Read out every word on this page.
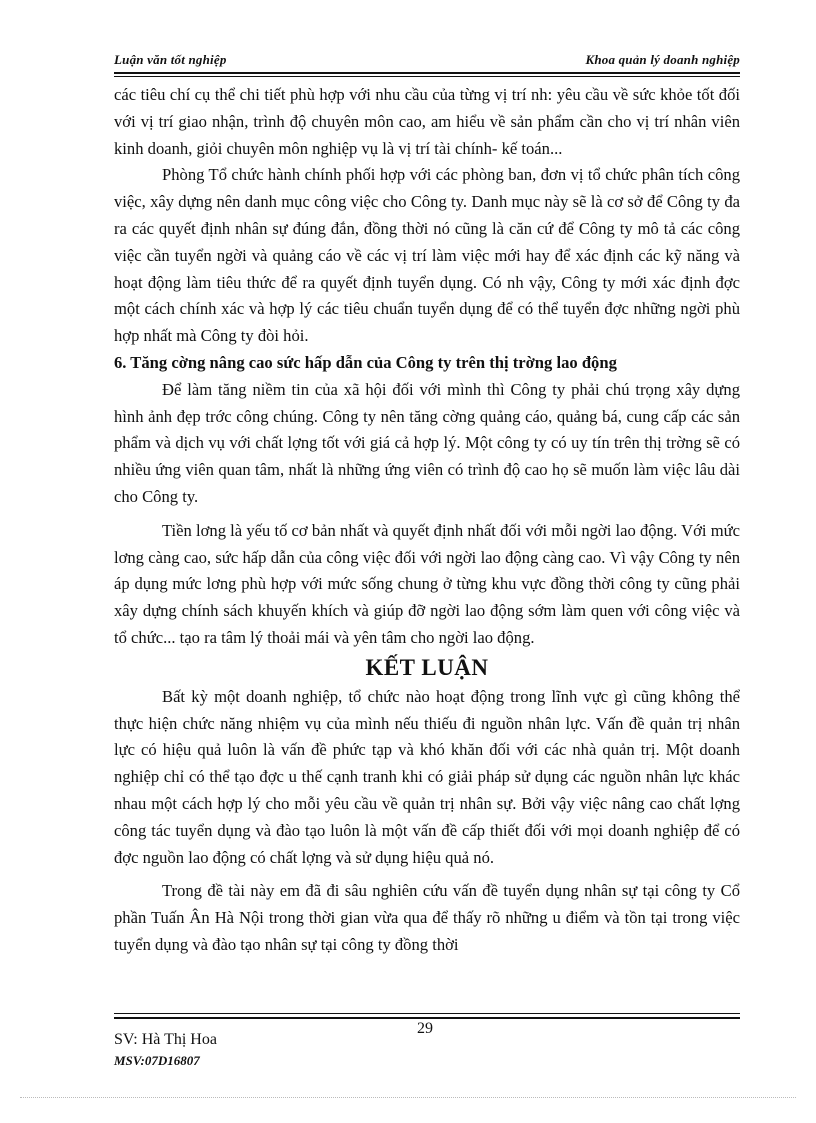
Luận văn tốt nghiệp	Khoa quản lý doanh nghiệp

các tiêu chí cụ thể chi tiết phù hợp với nhu cầu của từng vị trí nh: yêu cầu về sức khỏe tốt đối với vị trí giao nhận, trình độ chuyên môn cao, am hiểu về sản phẩm cần cho vị trí nhân viên kinh doanh, giỏi chuyên môn nghiệp vụ là vị trí tài chính- kế toán...

Phòng Tổ chức hành chính phối hợp với các phòng ban, đơn vị tổ chức phân tích công việc, xây dựng nên danh mục công việc cho Công ty. Danh mục này sẽ là cơ sở để Công ty đa ra các quyết định nhân sự đúng đắn, đồng thời nó cũng là căn cứ để Công ty mô tả các công việc cần tuyển ngời và quảng cáo về các vị trí làm việc mới hay để xác định các kỹ năng và hoạt động làm tiêu thức để ra quyết định tuyển dụng. Có nh vậy, Công ty mới xác định đợc một cách chính xác và hợp lý các tiêu chuẩn tuyển dụng để có thể tuyển đợc những ngời phù hợp nhất mà Công ty đòi hỏi.

6. Tăng cờng nâng cao sức hấp dẫn của Công ty trên thị trờng lao động

Để làm tăng niềm tin của xã hội đối với mình thì Công ty phải chú trọng xây dựng hình ảnh đẹp trớc công chúng. Công ty nên tăng cờng quảng cáo, quảng bá, cung cấp các sản phẩm và dịch vụ với chất lợng tốt với giá cả hợp lý. Một công ty có uy tín trên thị trờng sẽ có nhiều ứng viên quan tâm, nhất là những ứng viên có trình độ cao họ sẽ muốn làm việc lâu dài cho Công ty.

Tiền lơng là yếu tố cơ bản nhất và quyết định nhất đối với mỗi ngời lao động. Với mức lơng càng cao, sức hấp dẫn của công việc đối với ngời lao động càng cao. Vì vậy Công ty nên áp dụng mức lơng phù hợp với mức sống chung ở từng khu vực đồng thời công ty cũng phải xây dựng chính sách khuyến khích và giúp đỡ ngời lao động sớm làm quen với công việc và tổ chức... tạo ra tâm lý thoải mái và yên tâm cho ngời lao động.

KẾT LUẬN

Bất kỳ một doanh nghiệp, tổ chức nào hoạt động trong lĩnh vực gì cũng không thể thực hiện chức năng nhiệm vụ của mình nếu thiếu đi nguồn nhân lực. Vấn đề quản trị nhân lực có hiệu quả luôn là vấn đề phức tạp và khó khăn đối với các nhà quản trị. Một doanh nghiệp chỉ có thể tạo đợc u thế cạnh tranh khi có giải pháp sử dụng các nguồn nhân lực khác nhau một cách hợp lý cho mỗi yêu cầu về quản trị nhân sự. Bởi vậy việc nâng cao chất lợng công tác tuyển dụng và đào tạo luôn là một vấn đề cấp thiết đối với mọi doanh nghiệp để có đợc nguồn lao động có chất lợng và sử dụng hiệu quả nó.

Trong đề tài này em đã đi sâu nghiên cứu vấn đề tuyển dụng nhân sự tại công ty Cổ phần Tuấn Ân Hà Nội trong thời gian vừa qua để thấy rõ những u điểm và tồn tại trong việc tuyển dụng và đào tạo nhân sự tại công ty đồng thời

29
SV: Hà Thị Hoa
MSV:07D16807
